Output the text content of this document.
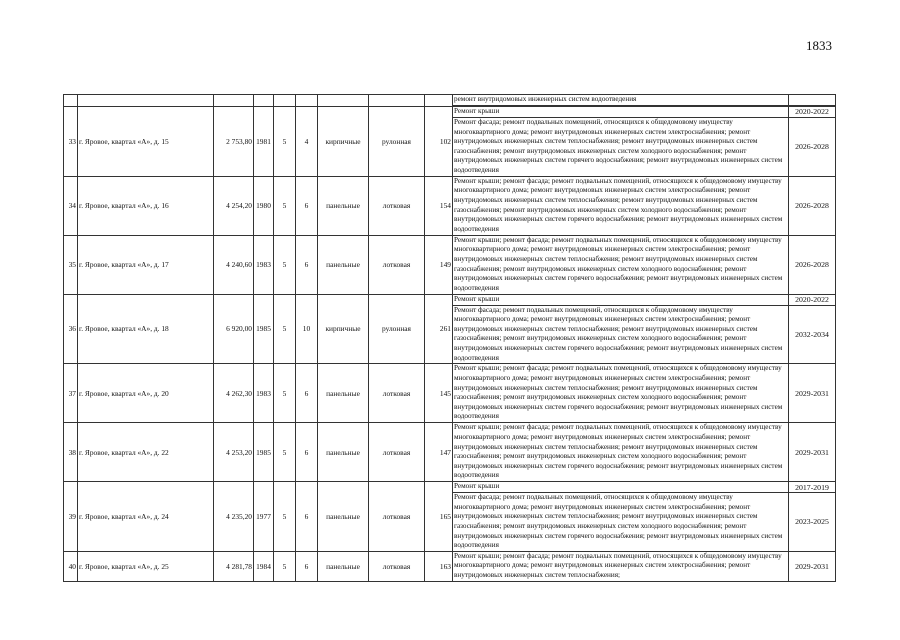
1833
									ремонт внутридомовых инженерных систем водоотведения	

33	г. Яровое, квартал «А», д. 15	2 753,80	1981	5	4	кирпичные	рулонная	102	Ремонт крыши	2020-2022
									Ремонт фасада; ремонт подвальных помещений, относящихся к общедомовому имуществу многоквартирного дома; ремонт внутридомовых инженерных систем электроснабжения; ремонт внутридомовых инженерных систем теплоснабжения; ремонт внутридомовых инженерных систем газоснабжения; ремонт внутридомовых инженерных систем холодного водоснабжения; ремонт внутридомовых инженерных систем горячего водоснабжения; ремонт внутридомовых инженерных систем водоотведения	2026-2028
34	г. Яровое, квартал «А», д. 16	4 254,20	1980	5	6	панельные	лотковая	154	Ремонт крыши; ремонт фасада; ремонт подвальных помещений, относящихся к общедомовому имуществу многоквартирного дома; ремонт внутридомовых инженерных систем электроснабжения; ремонт внутридомовых инженерных систем теплоснабжения; ремонт внутридомовых инженерных систем газоснабжения; ремонт внутридомовых инженерных систем холодного водоснабжения; ремонт внутридомовых инженерных систем горячего водоснабжения; ремонт внутридомовых инженерных систем водоотведения	2026-2028
35	г. Яровое, квартал «А», д. 17	4 240,60	1983	5	6	панельные	лотковая	149	Ремонт крыши; ремонт фасада; ремонт подвальных помещений, относящихся к общедомовому имуществу многоквартирного дома; ремонт внутридомовых инженерных систем электроснабжения; ремонт внутридомовых инженерных систем теплоснабжения; ремонт внутридомовых инженерных систем газоснабжения; ремонт внутридомовых инженерных систем холодного водоснабжения; ремонт внутридомовых инженерных систем горячего водоснабжения; ремонт внутридомовых инженерных систем водоотведения	2026-2028
36	г. Яровое, квартал «А», д. 18	6 920,00	1985	5	10	кирпичные	рулонная	261	Ремонт крыши	2020-2022
									Ремонт фасада; ремонт подвальных помещений, относящихся к общедомовому имуществу многоквартирного дома; ремонт внутридомовых инженерных систем электроснабжения; ремонт внутридомовых инженерных систем теплоснабжения; ремонт внутридомовых инженерных систем газоснабжения; ремонт внутридомовых инженерных систем холодного водоснабжения; ремонт внутридомовых инженерных систем горячего водоснабжения; ремонт внутридомовых инженерных систем водоотведения	2032-2034
37	г. Яровое, квартал «А», д. 20	4 262,30	1983	5	6	панельные	лотковая	145	Ремонт крыши; ремонт фасада; ремонт подвальных помещений, относящихся к общедомовому имуществу многоквартирного дома; ремонт внутридомовых инженерных систем электроснабжения; ремонт внутридомовых инженерных систем теплоснабжения; ремонт внутридомовых инженерных систем газоснабжения; ремонт внутридомовых инженерных систем холодного водоснабжения; ремонт внутридомовых инженерных систем горячего водоснабжения; ремонт внутридомовых инженерных систем водоотведения	2029-2031
38	г. Яровое, квартал «А», д. 22	4 253,20	1985	5	6	панельные	лотковая	147	Ремонт крыши; ремонт фасада; ремонт подвальных помещений, относящихся к общедомовому имуществу многоквартирного дома; ремонт внутридомовых инженерных систем электроснабжения; ремонт внутридомовых инженерных систем теплоснабжения; ремонт внутридомовых инженерных систем газоснабжения; ремонт внутридомовых инженерных систем холодного водоснабжения; ремонт внутридомовых инженерных систем горячего водоснабжения; ремонт внутридомовых инженерных систем водоотведения	2029-2031
39	г. Яровое, квартал «А», д. 24	4 235,20	1977	5	6	панельные	лотковая	165	Ремонт крыши	2017-2019
									Ремонт фасада; ремонт подвальных помещений, относящихся к общедомовому имуществу многоквартирного дома; ремонт внутридомовых инженерных систем электроснабжения; ремонт внутридомовых инженерных систем теплоснабжения; ремонт внутридомовых инженерных систем газоснабжения; ремонт внутридомовых инженерных систем холодного водоснабжения; ремонт внутридомовых инженерных систем горячего водоснабжения; ремонт внутридомовых инженерных систем водоотведения	2023-2025
40	г. Яровое, квартал «А», д. 25	4 281,78	1984	5	6	панельные	лотковая	163	Ремонт крыши; ремонт фасада; ремонт подвальных помещений, относящихся к общедомовому имуществу многоквартирного дома; ремонт внутридомовых инженерных систем электроснабжения; ремонт внутридомовых инженерных систем теплоснабжения;	2029-2031
